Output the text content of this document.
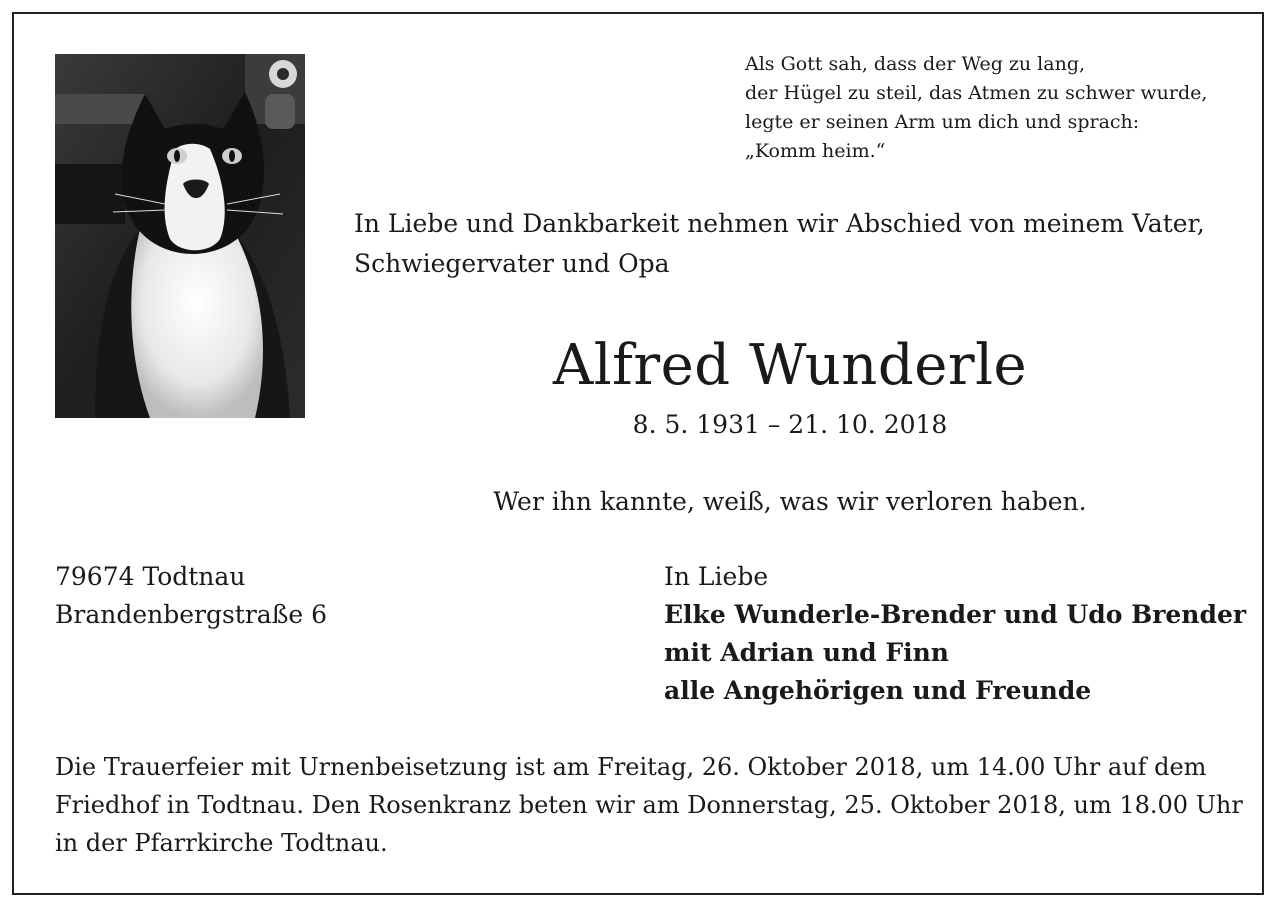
Als Gott sah, dass der Weg zu lang,
der Hügel zu steil, das Atmen zu schwer wurde,
legte er seinen Arm um dich und sprach:
„Komm heim.“
In Liebe und Dankbarkeit nehmen wir Abschied von meinem Vater,
Schwiegervater und Opa
Alfred Wunderle
8. 5. 1931 – 21. 10. 2018
Wer ihn kannte, weiß, was wir verloren haben.
79674 Todtnau
Brandenbergstraße 6
In Liebe
Elke Wunderle-Brender und Udo Brender
mit Adrian und Finn
alle Angehörigen und Freunde
Die Trauerfeier mit Urnenbeisetzung ist am Freitag, 26. Oktober 2018, um 14.00 Uhr auf dem
Friedhof in Todtnau. Den Rosenkranz beten wir am Donnerstag, 25. Oktober 2018, um 18.00 Uhr
in der Pfarrkirche Todtnau.
